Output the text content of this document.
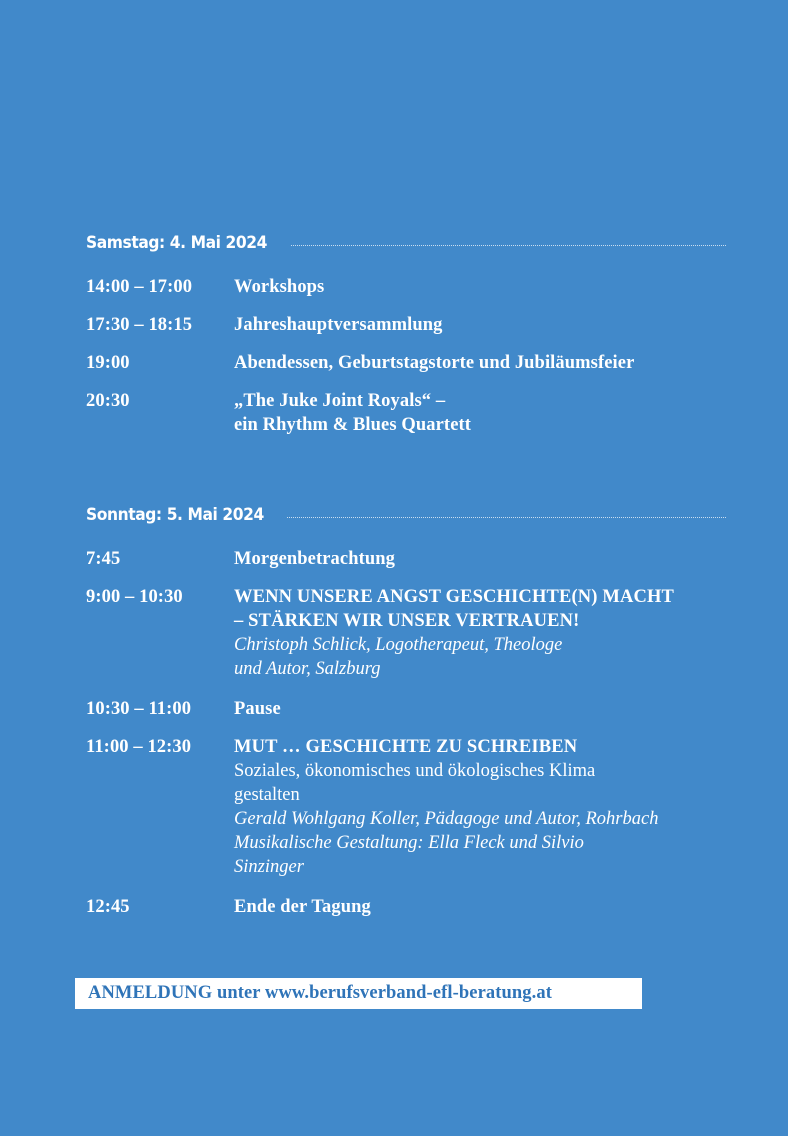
Samstag: 4. Mai 2024
14:00 – 17:00	Workshops
17:30 – 18:15	Jahreshauptversammlung
19:00	Abendessen, Geburtstagstorte und Jubiläumsfeier
20:30	„The Juke Joint Royals“ –
ein Rhythm & Blues Quartett
Sonntag: 5. Mai 2024
7:45	Morgenbetrachtung
9:00 – 10:30	WENN UNSERE ANGST GESCHICHTE(N) MACHT
– STÄRKEN WIR UNSER VERTRAUEN!
Christoph Schlick, Logotherapeut, Theologe
und Autor, Salzburg
10:30 – 11:00	Pause
11:00 – 12:30	MUT … GESCHICHTE ZU SCHREIBEN
Soziales, ökonomisches und ökologisches Klima
gestalten
Gerald Wohlgang Koller, Pädagoge und Autor, Rohrbach
Musikalische Gestaltung: Ella Fleck und Silvio
Sinzinger
12:45	Ende der Tagung
ANMELDUNG unter www.berufsverband-efl-beratung.at
